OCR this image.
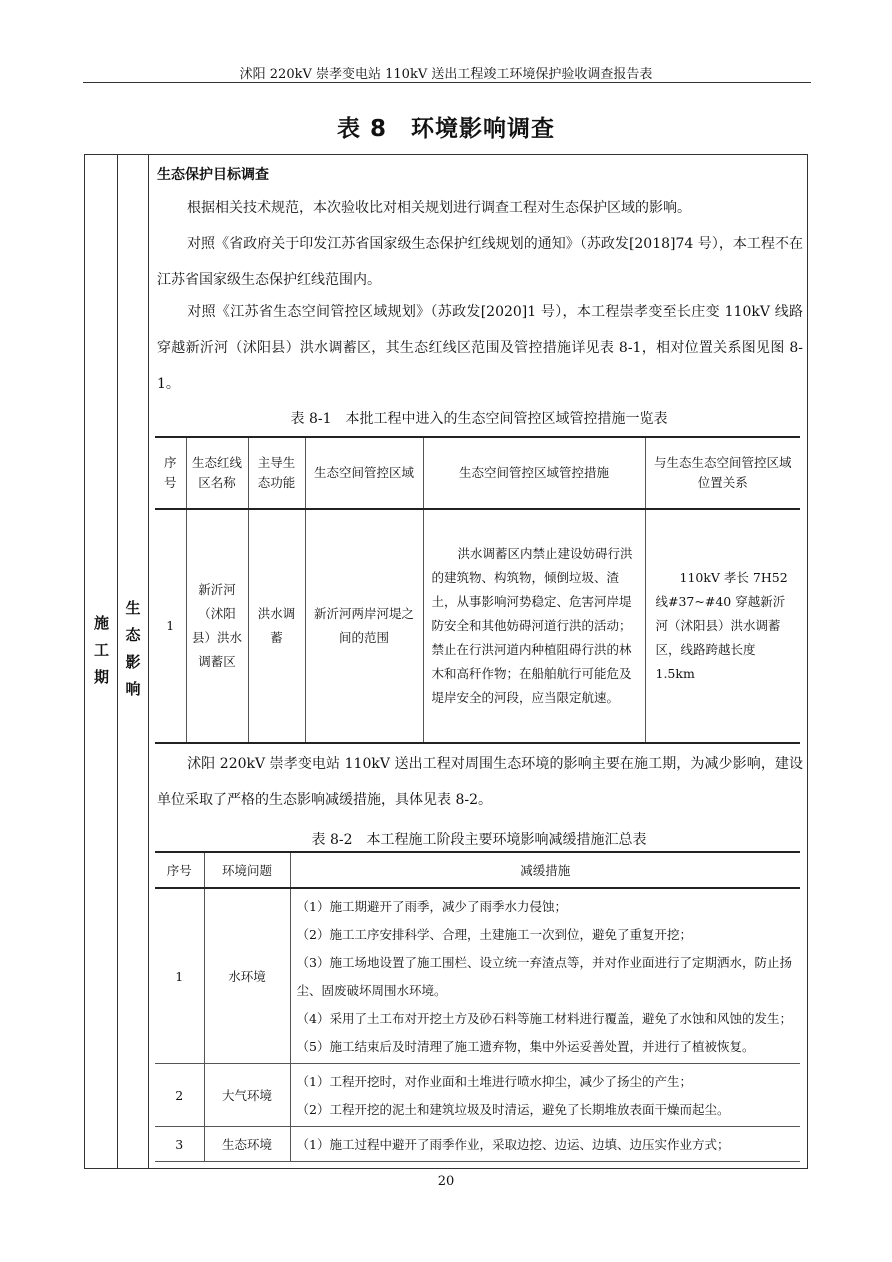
沭阳 220kV 崇孝变电站 110kV 送出工程竣工环境保护验收调查报告表
表 8　环境影响调查
施
工
期
生
态
影
响
生态保护目标调查
根据相关技术规范，本次验收比对相关规划进行调查工程对生态保护区域的影响。
对照《省政府关于印发江苏省国家级生态保护红线规划的通知》（苏政发[2018]74 号），本工程不在江苏省国家级生态保护红线范围内。
对照《江苏省生态空间管控区域规划》（苏政发[2020]1 号），本工程崇孝变至长庄变 110kV 线路穿越新沂河（沭阳县）洪水调蓄区，其生态红线区范围及管控措施详见表 8-1，相对位置关系图见图 8-1。
表 8-1　本批工程中进入的生态空间管控区域管控措施一览表
序号	生态红线区名称	主导生态功能	生态空间管控区域	生态空间管控区域管控措施	与生态生态空间管控区域位置关系
1	新沂河（沭阳县）洪水调蓄区	洪水调蓄	新沂河两岸河堤之间的范围	洪水调蓄区内禁止建设妨碍行洪的建筑物、构筑物，倾倒垃圾、渣土，从事影响河势稳定、危害河岸堤防安全和其他妨碍河道行洪的活动；禁止在行洪河道内种植阻碍行洪的林木和高秆作物；在船舶航行可能危及堤岸安全的河段，应当限定航速。	110kV 孝长 7H52 线#37~#40 穿越新沂河（沭阳县）洪水调蓄区，线路跨越长度 1.5km
沭阳 220kV 崇孝变电站 110kV 送出工程对周围生态环境的影响主要在施工期，为减少影响，建设单位采取了严格的生态影响减缓措施，具体见表 8-2。
表 8-2　本工程施工阶段主要环境影响减缓措施汇总表
序号	环境问题	减缓措施
1	水环境	（1）施工期避开了雨季，减少了雨季水力侵蚀；
（2）施工工序安排科学、合理，土建施工一次到位，避免了重复开挖；
（3）施工场地设置了施工围栏、设立统一弃渣点等，并对作业面进行了定期洒水，防止扬尘、固废破坏周围水环境。
（4）采用了土工布对开挖土方及砂石料等施工材料进行覆盖，避免了水蚀和风蚀的发生；
（5）施工结束后及时清理了施工遗弃物，集中外运妥善处置，并进行了植被恢复。

2	大气环境	（1）工程开挖时，对作业面和土堆进行喷水抑尘，减少了扬尘的产生；
（2）工程开挖的泥土和建筑垃圾及时清运，避免了长期堆放表面干燥而起尘。

3	生态环境	（1）施工过程中避开了雨季作业，采取边挖、边运、边填、边压实作业方式；
20
